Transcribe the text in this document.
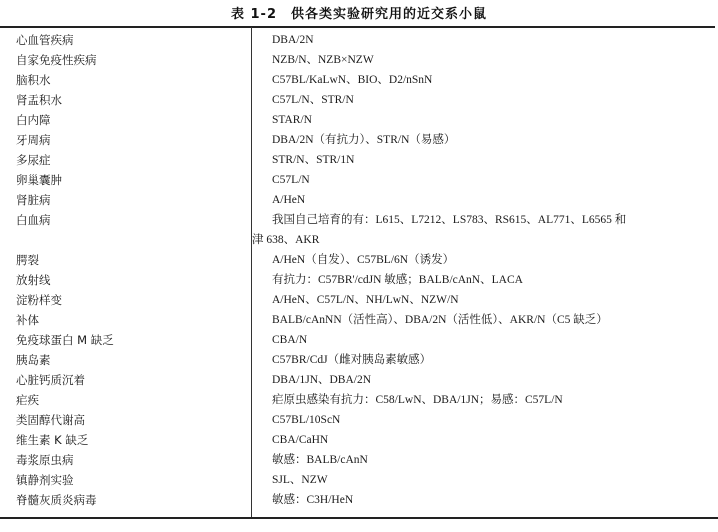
表 1-2　供各类实验研究用的近交系小鼠
心血管疾病	DBA/2N
自家免疫性疾病	NZB/N、NZB×NZW
脑积水	C57BL/KaLwN、BIO、D2/nSnN
肾盂积水	C57L/N、STR/N
白内障	STAR/N
牙周病	DBA/2N（有抗力）、STR/N（易感）
多尿症	STR/N、STR/1N
卵巢囊肿	C57L/N
肾脏病	A/HeN
白血病	我国自己培育的有：L615、L7212、LS783、RS615、AL771、L6565 和
津 638、AKR
腭裂	A/HeN（自发）、C57BL/6N（诱发）
放射线	有抗力：C57BR'/cdJN 敏感；BALB/cAnN、LACA
淀粉样变	A/HeN、C57L/N、NH/LwN、NZW/N
补体	BALB/cAnNN（活性高）、DBA/2N（活性低）、AKR/N（C5 缺乏）
免疫球蛋白 M 缺乏	CBA/N
胰岛素	C57BR/CdJ（雌对胰岛素敏感）
心脏钙质沉着	DBA/1JN、DBA/2N
疟疾	疟原虫感染有抗力：C58/LwN、DBA/1JN；易感：C57L/N
类固醇代谢高	C57BL/10ScN
维生素 K 缺乏	CBA/CaHN
毒浆原虫病	敏感：BALB/cAnN
镇静剂实验	SJL、NZW
脊髓灰质炎病毒	敏感：C3H/HeN
